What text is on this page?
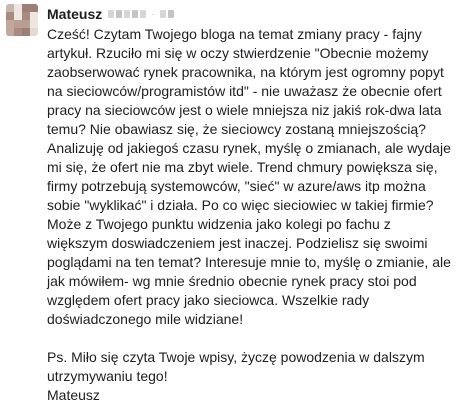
Mateusz	·
Cześć! Czytam Twojego bloga na temat zmiany pracy - fajny
artykuł. Rzuciło mi się w oczy stwierdzenie "Obecnie możemy
zaobserwować rynek pracownika, na którym jest ogromny popyt
na sieciowców/programistów itd" - nie uważasz że obecnie ofert
pracy na sieciowców jest o wiele mniejsza niz jakiś rok-dwa lata
temu? Nie obawiasz się, że sieciowcy zostaną mniejszością?
Analizuję od jakiegoś czasu rynek, myślę o zmianach, ale wydaje
mi się, że ofert nie ma zbyt wiele. Trend chmury powiększa się,
firmy potrzebują systemowców, "sieć" w azure/aws itp można
sobie "wyklikać" i działa. Po co więc sieciowiec w takiej firmie?
Może z Twojego punktu widzenia jako kolegi po fachu z
większym doswiadczeniem jest inaczej. Podzielisz się swoimi
poglądami na ten temat? Interesuje mnie to, myślę o zmianie, ale
jak mówiłem- wg mnie średnio obecnie rynek pracy stoi pod
względem ofert pracy jako sieciowca. Wszelkie rady
doświadczonego mile widziane!
Ps. Miło się czyta Twoje wpisy, życzę powodzenia w dalszym
utrzymywaniu tego!
Mateusz
